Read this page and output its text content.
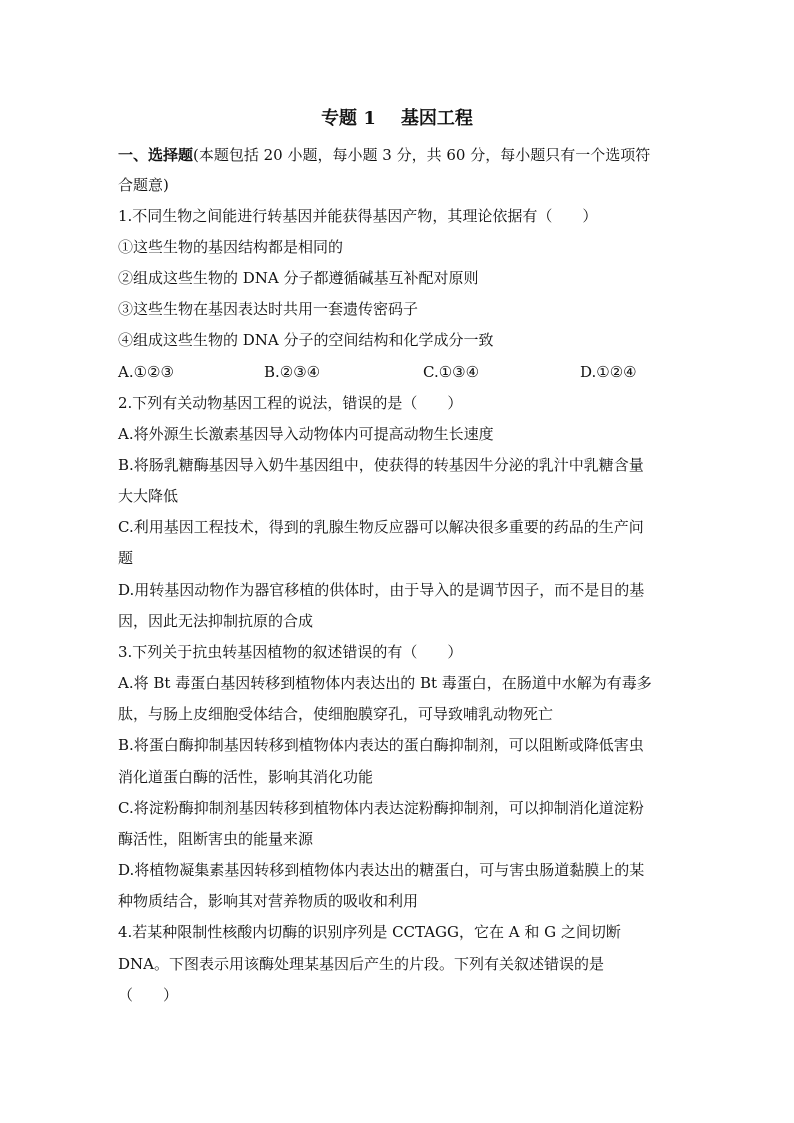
专题 1    基因工程
一、选择题(本题包括 20 小题，每小题 3 分，共 60 分，每小题只有一个选项符
合题意)
1.不同生物之间能进行转基因并能获得基因产物，其理论依据有（　　）
①这些生物的基因结构都是相同的
②组成这些生物的 DNA 分子都遵循碱基互补配对原则
③这些生物在基因表达时共用一套遗传密码子
④组成这些生物的 DNA 分子的空间结构和化学成分一致
A.①②③	B.②③④	C.①③④	D.①②④
2.下列有关动物基因工程的说法，错误的是（　　）
A.将外源生长激素基因导入动物体内可提高动物生长速度
B.将肠乳糖酶基因导入奶牛基因组中，使获得的转基因牛分泌的乳汁中乳糖含量
大大降低
C.利用基因工程技术，得到的乳腺生物反应器可以解决很多重要的药品的生产问
题
D.用转基因动物作为器官移植的供体时，由于导入的是调节因子，而不是目的基
因，因此无法抑制抗原的合成
3.下列关于抗虫转基因植物的叙述错误的有（　　）
A.将 Bt 毒蛋白基因转移到植物体内表达出的 Bt 毒蛋白，在肠道中水解为有毒多
肽，与肠上皮细胞受体结合，使细胞膜穿孔，可导致哺乳动物死亡
B.将蛋白酶抑制基因转移到植物体内表达的蛋白酶抑制剂，可以阻断或降低害虫
消化道蛋白酶的活性，影响其消化功能
C.将淀粉酶抑制剂基因转移到植物体内表达淀粉酶抑制剂，可以抑制消化道淀粉
酶活性，阻断害虫的能量来源
D.将植物凝集素基因转移到植物体内表达出的糖蛋白，可与害虫肠道黏膜上的某
种物质结合，影响其对营养物质的吸收和利用
4.若某种限制性核酸内切酶的识别序列是 CCTAGG，它在 A 和 G 之间切断
DNA。下图表示用该酶处理某基因后产生的片段。下列有关叙述错误的是
（　　）
